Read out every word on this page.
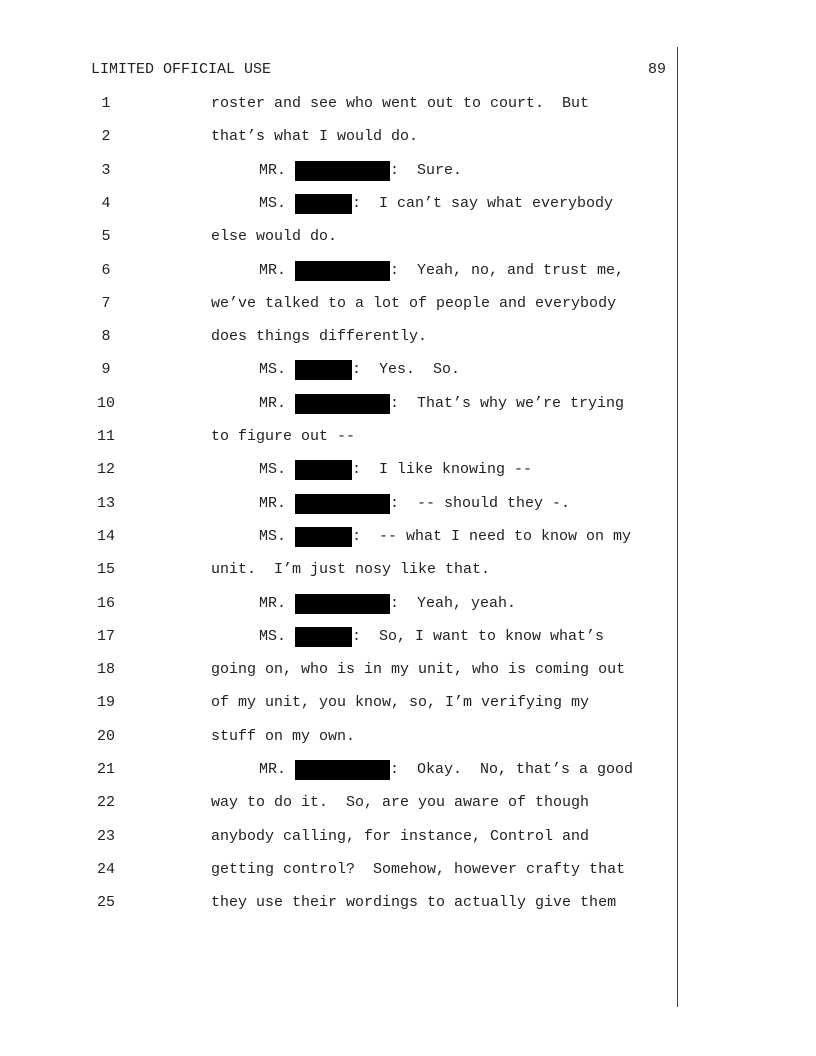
LIMITED OFFICIAL USE	89
1	roster and see who went out to court.  But
2	that’s what I would do.
3	MR.	:  Sure.
4	MS.	:  I can’t say what everybody
5	else would do.
6	MR.	:  Yeah, no, and trust me,
7	we’ve talked to a lot of people and everybody
8	does things differently.
9	MS.	:  Yes.  So.
10	MR.	:  That’s why we’re trying
11	to figure out --
12	MS.	:  I like knowing --
13	MR.	:  -- should they -.
14	MS.	:  -- what I need to know on my
15	unit.  I’m just nosy like that.
16	MR.	:  Yeah, yeah.
17	MS.	:  So, I want to know what’s
18	going on, who is in my unit, who is coming out
19	of my unit, you know, so, I’m verifying my
20	stuff on my own.
21	MR.	:  Okay.  No, that’s a good
22	way to do it.  So, are you aware of though
23	anybody calling, for instance, Control and
24	getting control?  Somehow, however crafty that
25	they use their wordings to actually give them
